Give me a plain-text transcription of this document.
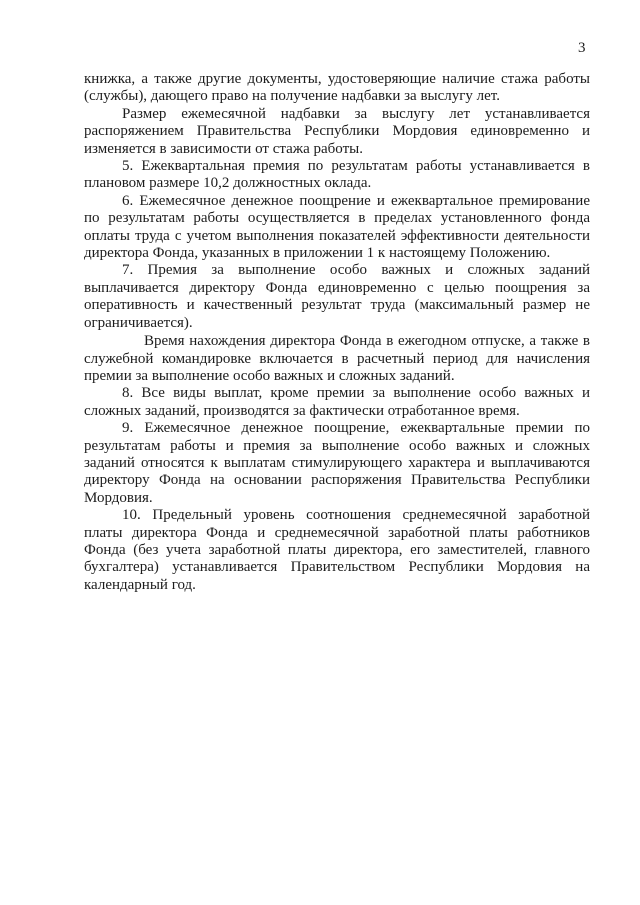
3

книжка, а также другие документы, удостоверяющие наличие стажа работы (службы), дающего право на получение надбавки за выслугу лет.

Размер ежемесячной надбавки за выслугу лет устанавливается распоряжением Правительства Республики Мордовия единовременно и изменяется в зависимости от стажа работы.

5. Ежеквартальная премия по результатам работы устанавливается в плановом размере 10,2 должностных оклада.

6. Ежемесячное денежное поощрение и ежеквартальное премирование по результатам работы осуществляется в пределах установленного фонда оплаты труда с учетом выполнения показателей эффективности деятельности директора Фонда, указанных в приложении 1 к настоящему Положению.

7. Премия за выполнение особо важных и сложных заданий выплачивается директору Фонда единовременно с целью поощрения за оперативность и качественный результат труда (максимальный размер не ограничивается).

Время нахождения директора Фонда в ежегодном отпуске, а также в служебной командировке включается в расчетный период для начисления премии за выполнение особо важных и сложных заданий.

8. Все виды выплат, кроме премии за выполнение особо важных и сложных заданий, производятся за фактически отработанное время.

9. Ежемесячное денежное поощрение, ежеквартальные премии по результатам работы и премия за выполнение особо важных и сложных заданий относятся к выплатам стимулирующего характера и выплачиваются директору Фонда на основании распоряжения Правительства Республики Мордовия.

10. Предельный уровень соотношения среднемесячной заработной платы директора Фонда и среднемесячной заработной платы работников Фонда (без учета заработной платы директора, его заместителей, главного бухгалтера) устанавливается Правительством Республики Мордовия на календарный год.
